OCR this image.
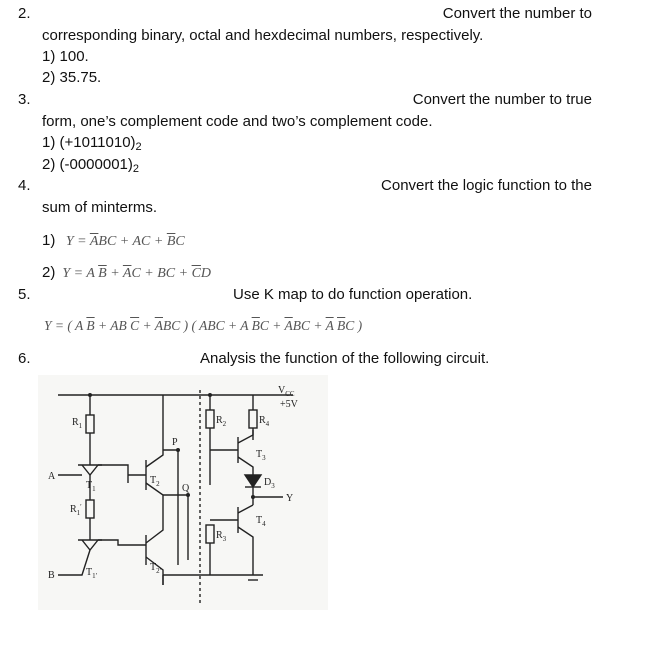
2.	Convert the number to
corresponding binary, octal and hexdecimal numbers, respectively.
1) 100.
2) 35.75.
3.	Convert the number to true
form, one’s complement code and two’s complement code.
1) $(+1011010)_2$
2) $(-0000001)_2$
4.	Convert the logic function to the
sum of minterms.
1) $Y = \overline{A}BC$ + AC + $\overline{B}C$
2) Y = A $\overline{B} + \overline{A}C$ + BC + $\overline{C}D$
5.	Use K map to do function operation.
Y = ( A $\overline{B}$ + AB $\overline{C} + \overline{A}BC$ ) ( ABC + A $\overline{B}C + \overline{A}BC + \overline{A}$ $\overline{B}C$ )
6.	Analysis the function of the following circuit.
$V_{CC}$
+5V
$R_1$
$R_1'$
$R_2$	$R_4$
$R_3$
$T_1$
$T_{1'}$
$T_2$
$T_{2'}$
$T_3$
$D_3$
$T_4$
P
Q
A
B
Y
